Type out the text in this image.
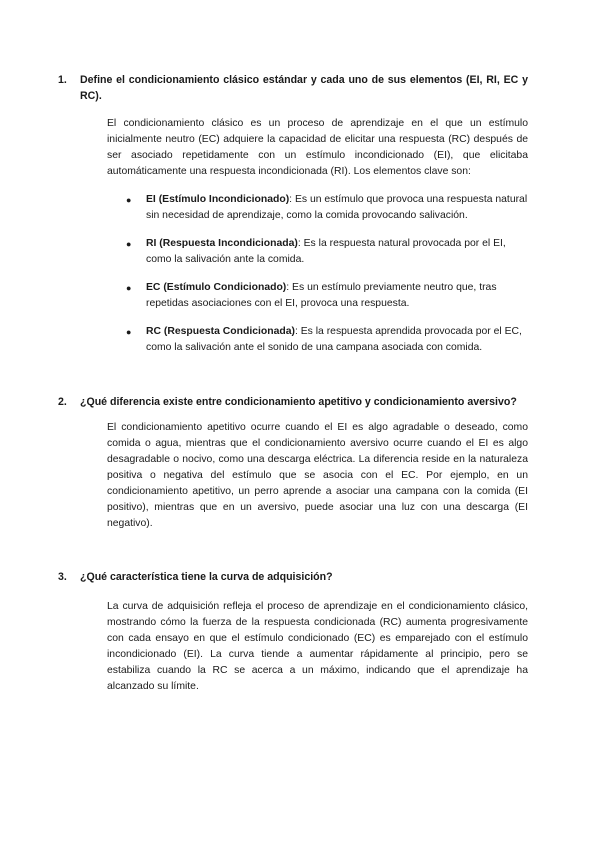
1.	Define el condicionamiento clásico estándar y cada uno de sus elementos (EI, RI, EC y RC).
El condicionamiento clásico es un proceso de aprendizaje en el que un estímulo inicialmente neutro (EC) adquiere la capacidad de elicitar una respuesta (RC) después de ser asociado repetidamente con un estímulo incondicionado (EI), que elicitaba automáticamente una respuesta incondicionada (RI). Los elementos clave son:
●	EI (Estímulo Incondicionado): Es un estímulo que provoca una respuesta natural sin necesidad de aprendizaje, como la comida provocando salivación.
●	RI (Respuesta Incondicionada): Es la respuesta natural provocada por el EI, como la salivación ante la comida.
●	EC (Estímulo Condicionado): Es un estímulo previamente neutro que, tras repetidas asociaciones con el EI, provoca una respuesta.
●	RC (Respuesta Condicionada): Es la respuesta aprendida provocada por el EC, como la salivación ante el sonido de una campana asociada con comida.
2.	¿Qué diferencia existe entre condicionamiento apetitivo y condicionamiento aversivo?
El condicionamiento apetitivo ocurre cuando el EI es algo agradable o deseado, como comida o agua, mientras que el condicionamiento aversivo ocurre cuando el EI es algo desagradable o nocivo, como una descarga eléctrica. La diferencia reside en la naturaleza positiva o negativa del estímulo que se asocia con el EC. Por ejemplo, en un condicionamiento apetitivo, un perro aprende a asociar una campana con la comida (EI positivo), mientras que en un aversivo, puede asociar una luz con una descarga (EI negativo).
3.	¿Qué característica tiene la curva de adquisición?
La curva de adquisición refleja el proceso de aprendizaje en el condicionamiento clásico, mostrando cómo la fuerza de la respuesta condicionada (RC) aumenta progresivamente con cada ensayo en que el estímulo condicionado (EC) es emparejado con el estímulo incondicionado (EI). La curva tiende a aumentar rápidamente al principio, pero se estabiliza cuando la RC se acerca a un máximo, indicando que el aprendizaje ha alcanzado su límite.
